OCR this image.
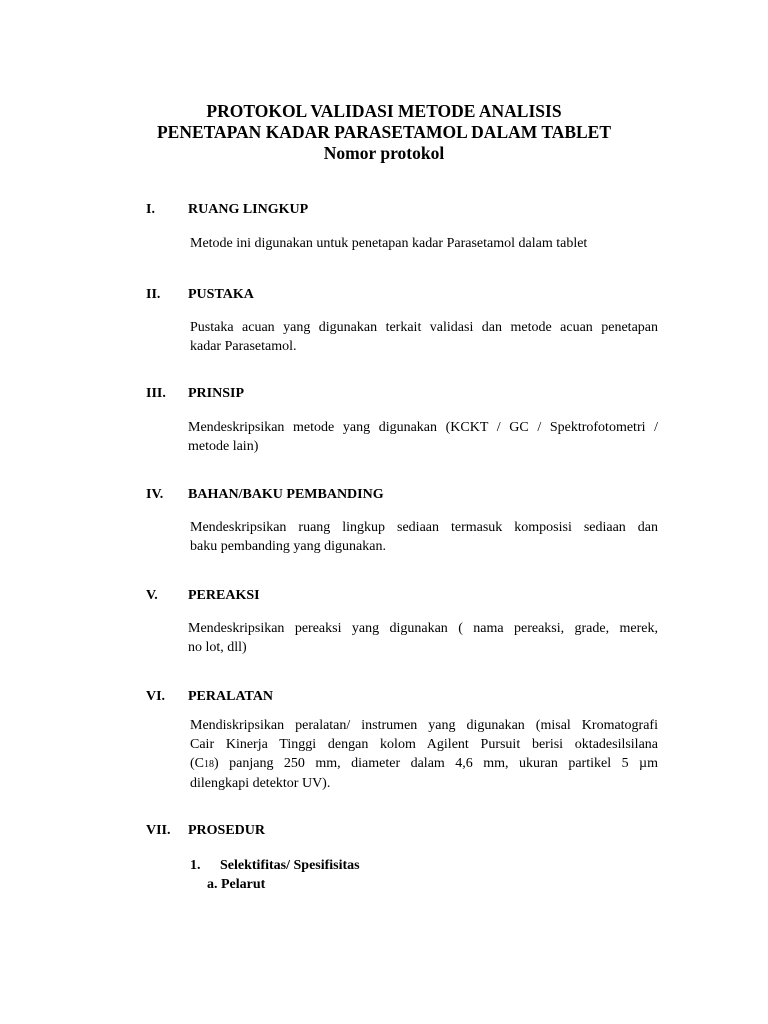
PROTOKOL VALIDASI METODE ANALISIS
PENETAPAN KADAR PARASETAMOL DALAM TABLET
Nomor protokol
I. RUANG LINGKUP
Metode ini digunakan untuk penetapan kadar Parasetamol dalam tablet
II. PUSTAKA
Pustaka acuan yang digunakan terkait validasi dan metode acuan penetapan
kadar Parasetamol.
III. PRINSIP
Mendeskripsikan metode yang digunakan (KCKT / GC / Spektrofotometri /
metode lain)
IV. BAHAN/BAKU PEMBANDING
Mendeskripsikan ruang lingkup sediaan termasuk komposisi sediaan dan
baku pembanding yang digunakan.
V. PEREAKSI
Mendeskripsikan pereaksi yang digunakan ( nama pereaksi, grade, merek,
no lot, dll)
VI. PERALATAN
Mendiskripsikan peralatan/ instrumen yang digunakan (misal Kromatografi
Cair Kinerja Tinggi dengan kolom Agilent Pursuit berisi oktadesilsilana
(C18) panjang 250 mm, diameter dalam 4,6 mm, ukuran partikel 5 µm
dilengkapi detektor UV).
VII. PROSEDUR
1. Selektifitas/ Spesifisitas
a. Pelarut
